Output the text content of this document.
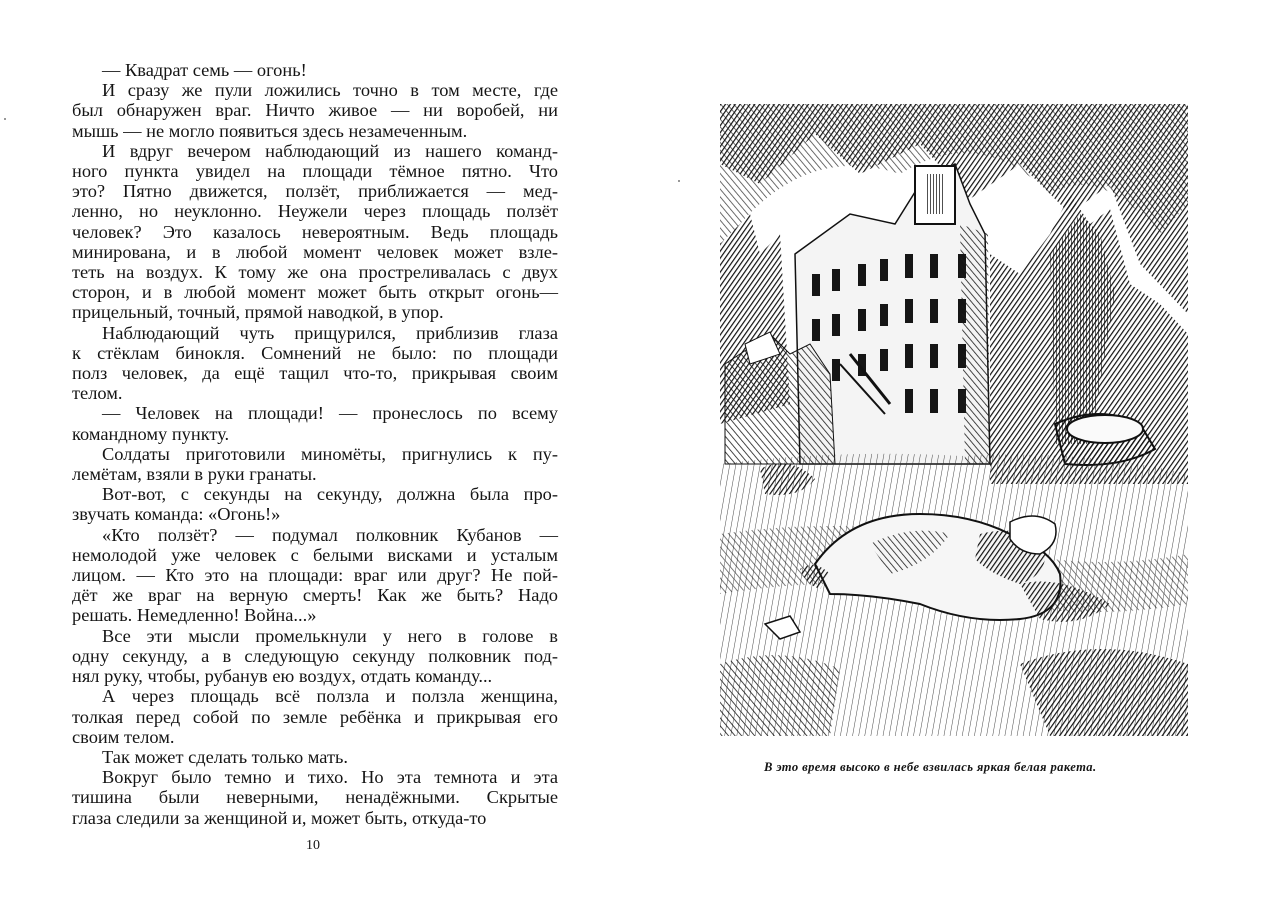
— Квадрат семь — огонь!

И сразу же пули ложились точно в том месте, где
был обнаружен враг. Ничто живое — ни воробей, ни
мышь — не могло появиться здесь незамеченным.

И вдруг вечером наблюдающий из нашего команд-
ного пункта увидел на площади тёмное пятно. Что
это? Пятно движется, ползёт, приближается — мед-
ленно, но неуклонно. Неужели через площадь ползёт
человек? Это казалось невероятным. Ведь площадь
минирована, и в любой момент человек может взле-
теть на воздух. К тому же она простреливалась с двух
сторон, и в любой момент может быть открыт огонь—
прицельный, точный, прямой наводкой, в упор.

Наблюдающий чуть прищурился, приблизив глаза
к стёклам бинокля. Сомнений не было: по площади
полз человек, да ещё тащил что-то, прикрывая своим
телом.

— Человек на площади! — пронеслось по всему
командному пункту.

Солдаты приготовили миномёты, пригнулись к пу-
лемётам, взяли в руки гранаты.

Вот-вот, с секунды на секунду, должна была про-
звучать команда: «Огонь!»

«Кто ползёт? — подумал полковник Кубанов —
немолодой уже человек с белыми висками и усталым
лицом. — Кто это на площади: враг или друг? Не пой-
дёт же враг на верную смерть! Как же быть? Надо
решать. Немедленно! Война...»

Все эти мысли промелькнули у него в голове в
одну секунду, а в следующую секунду полковник под-
нял руку, чтобы, рубанув ею воздух, отдать команду...

А через площадь всё ползла и ползла женщина,
толкая перед собой по земле ребёнка и прикрывая его
своим телом.

Так может сделать только мать.

Вокруг было темно и тихо. Но эта темнота и эта
тишина были неверными, ненадёжными. Скрытые
глаза следили за женщиной и, может быть, откуда-то

10
В это время высоко в небе взвилась яркая белая ракета.
